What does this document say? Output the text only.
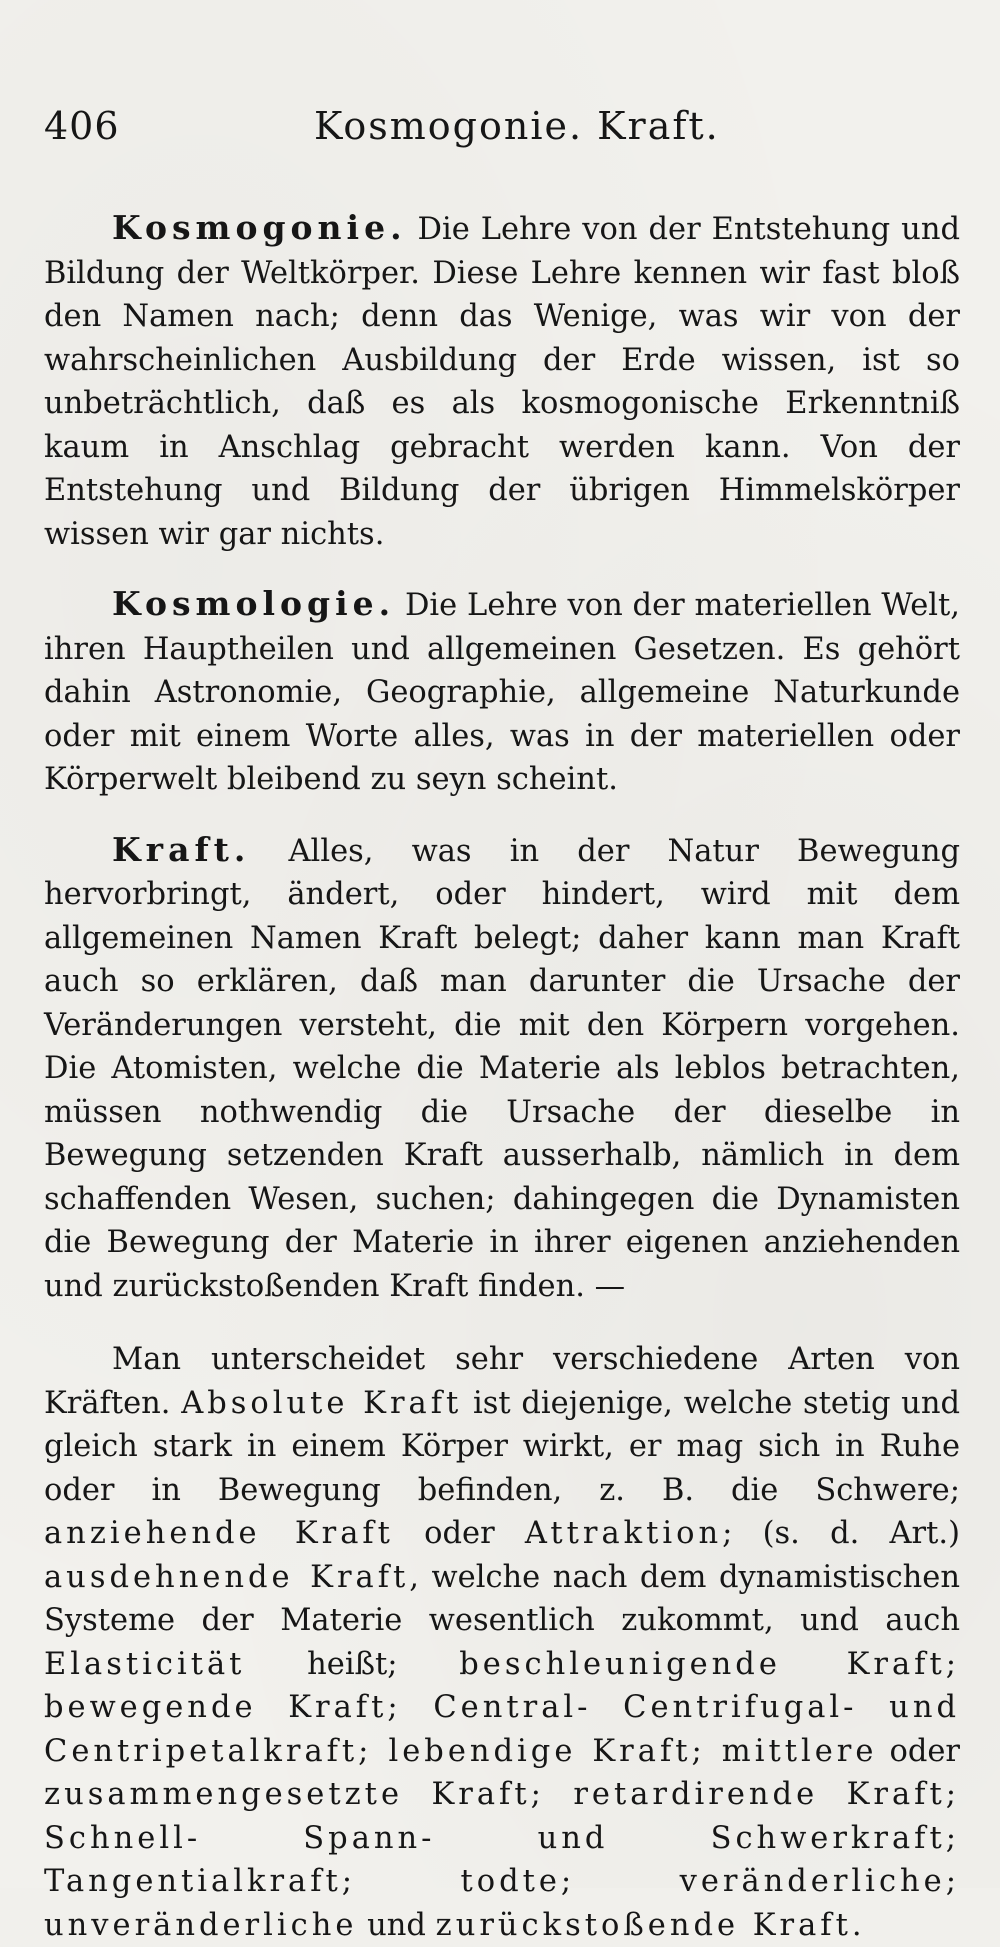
406	Kosmogonie. Kraft.

Kosmogonie. Die Lehre von der Entstehung und Bildung der Weltkörper. Diese Lehre kennen wir fast bloß den Namen nach; denn das Wenige, was wir von der wahrscheinlichen Ausbildung der Erde wissen, ist so unbeträchtlich, daß es als kosmogonische Erkenntniß kaum in Anschlag gebracht werden kann. Von der Entstehung und Bildung der übrigen Himmelskörper wissen wir gar nichts.

Kosmologie. Die Lehre von der materiellen Welt, ihren Hauptheilen und allgemeinen Gesetzen. Es gehört dahin Astronomie, Geographie, allgemeine Naturkunde oder mit einem Worte alles, was in der materiellen oder Körperwelt bleibend zu seyn scheint.

Kraft. Alles, was in der Natur Bewegung hervorbringt, ändert, oder hindert, wird mit dem allgemeinen Namen Kraft belegt; daher kann man Kraft auch so erklären, daß man darunter die Ursache der Veränderungen versteht, die mit den Körpern vorgehen. Die Atomisten, welche die Materie als leblos betrachten, müssen nothwendig die Ursache der dieselbe in Bewegung setzenden Kraft ausserhalb, nämlich in dem schaffenden Wesen, suchen; dahingegen die Dynamisten die Bewegung der Materie in ihrer eigenen anziehenden und zurückstoßenden Kraft finden. —

Man unterscheidet sehr verschiedene Arten von Kräften. Absolute Kraft ist diejenige, welche stetig und gleich stark in einem Körper wirkt, er mag sich in Ruhe oder in Bewegung befinden, z. B. die Schwere; anziehende Kraft oder Attraktion; (s. d. Art.) ausdehnende Kraft, welche nach dem dynamistischen Systeme der Materie wesentlich zukommt, und auch Elasticität heißt; beschleunigende Kraft; bewegende Kraft; Central- Centrifugal- und Centripetalkraft; lebendige Kraft; mittlere oder zusammengesetzte Kraft; retardirende Kraft; Schnell- Spann- und Schwerkraft; Tangentialkraft; todte; veränderliche; unveränderliche und zurückstoßende Kraft.
